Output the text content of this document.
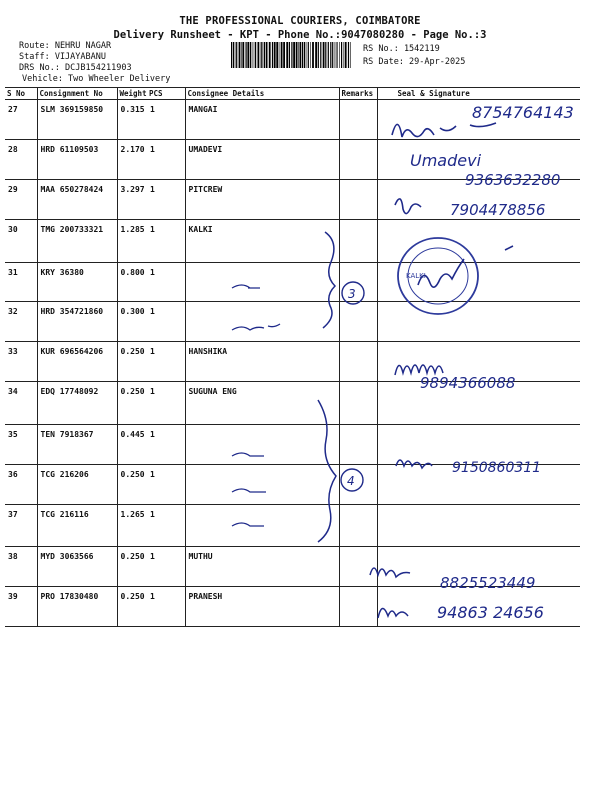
THE PROFESSIONAL COURIERS, COIMBATORE
Delivery Runsheet - KPT - Phone No.:9047080280 - Page No.:3
Route: NEHRU NAGAR
Staff: VIJAYABANU
DRS No.: DCJB154211903
Vehicle: Two Wheeler Delivery
RS No.: 1542119
RS Date: 29-Apr-2025
S No	Consignment No	Weight	PCS	Consignee Details	Remarks	Seal & Signature
27	SLM 369159850	0.315	1	MANGAI		
28	HRD 61109503	2.170	1	UMADEVI		
29	MAA 650278424	3.297	1	PITCREW		
30	TMG 200733321	1.285	1	KALKI		
31	KRY 36380	0.800	1			
32	HRD 354721860	0.300	1			
33	KUR 696564206	0.250	1	HANSHIKA		
34	EDQ 17748092	0.250	1	SUGUNA ENG		
35	TEN 7918367	0.445	1			
36	TCG 216206	0.250	1			
37	TCG 216116	1.265	1			
38	MYD 3063566	0.250	1	MUTHU		
39	PRO 17830480	0.250	1	PRANESH		
8754764143
Umadevi
9363632280
7904478856
3
KALKI
9894366088
4
9150860311
8825523449
94863 24656
